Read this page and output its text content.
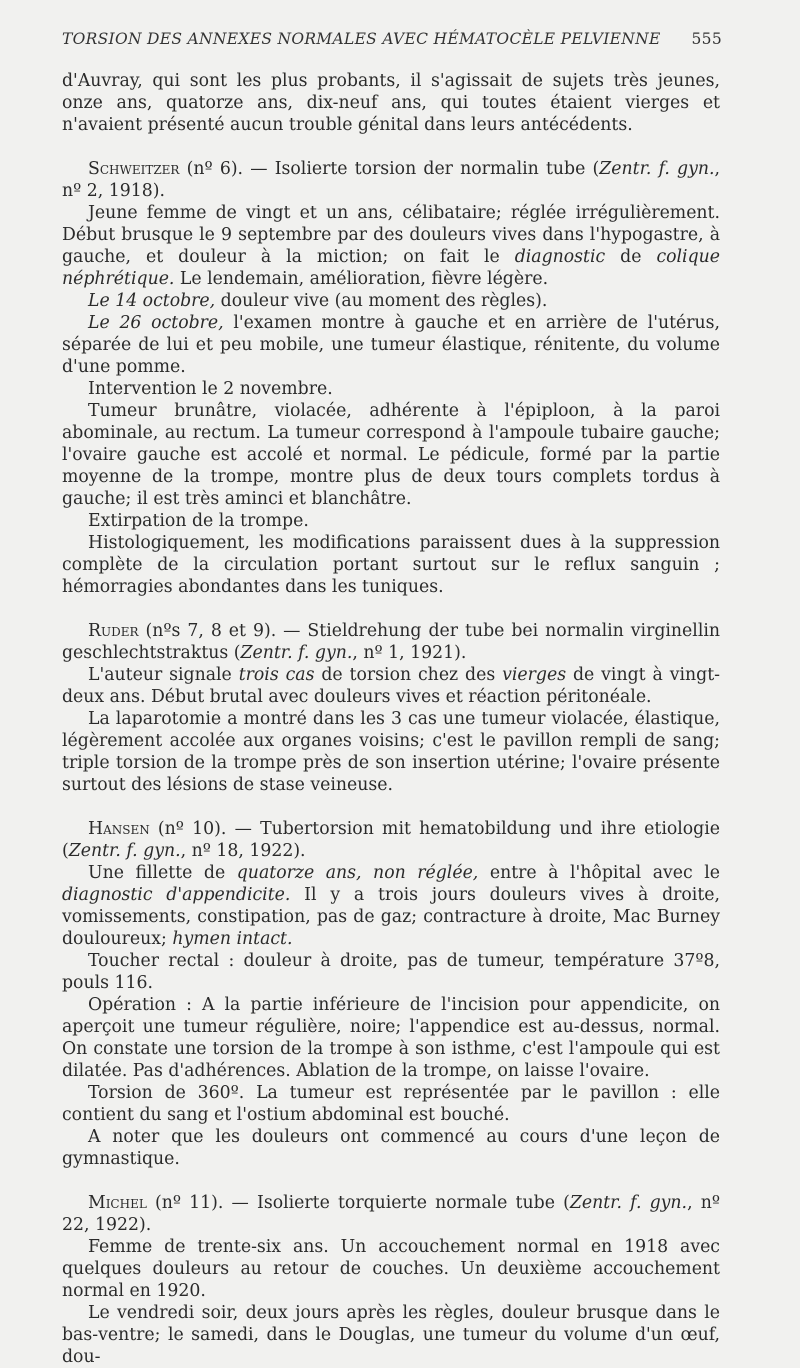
TORSION DES ANNEXES NORMALES AVEC HÉMATOCÈLE PELVIENNE 555

d'Auvray, qui sont les plus probants, il s'agissait de sujets très jeunes, onze ans, quatorze ans, dix-neuf ans, qui toutes étaient vierges et n'avaient présenté aucun trouble génital dans leurs antécédents.

Schweitzer (nº 6). — Isolierte torsion der normalin tube (Zentr. f. gyn., nº 2, 1918).

Jeune femme de vingt et un ans, célibataire; réglée irrégulièrement. Début brusque le 9 septembre par des douleurs vives dans l'hypogastre, à gauche, et douleur à la miction; on fait le diagnostic de colique néphrétique. Le lendemain, amélioration, fièvre légère.

Le 14 octobre, douleur vive (au moment des règles).

Le 26 octobre, l'examen montre à gauche et en arrière de l'utérus, séparée de lui et peu mobile, une tumeur élastique, rénitente, du volume d'une pomme.

Intervention le 2 novembre.

Tumeur brunâtre, violacée, adhérente à l'épiploon, à la paroi abominale, au rectum. La tumeur correspond à l'ampoule tubaire gauche; l'ovaire gauche est accolé et normal. Le pédicule, formé par la partie moyenne de la trompe, montre plus de deux tours complets tordus à gauche; il est très aminci et blanchâtre.

Extirpation de la trompe.

Histologiquement, les modifications paraissent dues à la suppression complète de la circulation portant surtout sur le reflux sanguin ; hémorragies abondantes dans les tuniques.

Ruder (nºs 7, 8 et 9). — Stieldrehung der tube bei normalin virginellin geschlechtstraktus (Zentr. f. gyn., nº 1, 1921).

L'auteur signale trois cas de torsion chez des vierges de vingt à vingt-deux ans. Début brutal avec douleurs vives et réaction péritonéale.

La laparotomie a montré dans les 3 cas une tumeur violacée, élastique, légèrement accolée aux organes voisins; c'est le pavillon rempli de sang; triple torsion de la trompe près de son insertion utérine; l'ovaire présente surtout des lésions de stase veineuse.

Hansen (nº 10). — Tubertorsion mit hematobildung und ihre etiologie (Zentr. f. gyn., nº 18, 1922).

Une fillette de quatorze ans, non réglée, entre à l'hôpital avec le diagnostic d'appendicite. Il y a trois jours douleurs vives à droite, vomissements, constipation, pas de gaz; contracture à droite, Mac Burney douloureux; hymen intact.

Toucher rectal : douleur à droite, pas de tumeur, température 37º8, pouls 116.

Opération : A la partie inférieure de l'incision pour appendicite, on aperçoit une tumeur régulière, noire; l'appendice est au-dessus, normal. On constate une torsion de la trompe à son isthme, c'est l'ampoule qui est dilatée. Pas d'adhérences. Ablation de la trompe, on laisse l'ovaire.

Torsion de 360º. La tumeur est représentée par le pavillon : elle contient du sang et l'ostium abdominal est bouché.

A noter que les douleurs ont commencé au cours d'une leçon de gymnastique.

Michel (nº 11). — Isolierte torquierte normale tube (Zentr. f. gyn., nº 22, 1922).

Femme de trente-six ans. Un accouchement normal en 1918 avec quelques douleurs au retour de couches. Un deuxième accouchement normal en 1920.

Le vendredi soir, deux jours après les règles, douleur brusque dans le bas-ventre; le samedi, dans le Douglas, une tumeur du volume d'un œuf, dou-
